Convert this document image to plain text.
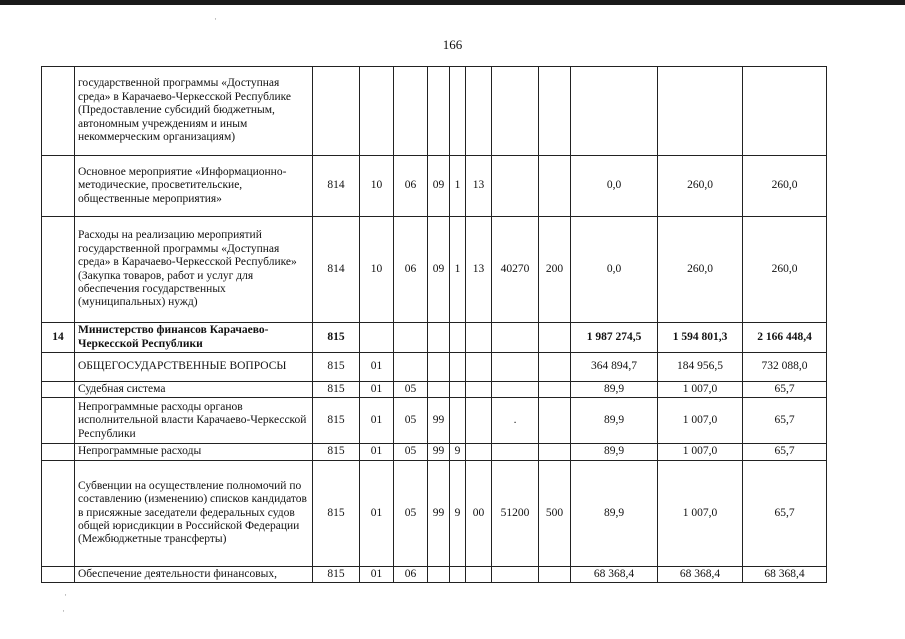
166
	государственной программы «Доступная среда» в Карачаево-Черкесской Республике (Предоставление субсидий бюджетным, автономным учреждениям и иным некоммерческим организациям)											
	Основное мероприятие «Информационно-методические, просветительские, общественные мероприятия»	814	10	06	09	1	13			0,0	260,0	260,0
	Расходы на реализацию мероприятий государственной программы «Доступная среда» в Карачаево-Черкесской Республике» (Закупка товаров, работ и услуг для обеспечения государственных (муниципальных) нужд)	814	10	06	09	1	13	40270	200	0,0	260,0	260,0
14	Министерство финансов Карачаево-Черкесской Республики	815								1 987 274,5	1 594 801,3	2 166 448,4
	ОБЩЕГОСУДАРСТВЕННЫЕ ВОПРОСЫ	815	01							364 894,7	184 956,5	732 088,0
	Судебная система	815	01	05						89,9	1 007,0	65,7
	Непрограммные расходы органов исполнительной власти Карачаево-Черкесской Республики	815	01	05	99			.		89,9	1 007,0	65,7
	Непрограммные расходы	815	01	05	99	9				89,9	1 007,0	65,7
	Субвенции на осуществление полномочий по составлению (изменению) списков кандидатов в присяжные заседатели федеральных судов общей юрисдикции в Российской Федерации (Межбюджетные трансферты)	815	01	05	99	9	00	51200	500	89,9	1 007,0	65,7
	Обеспечение деятельности финансовых,	815	01	06						68 368,4	68 368,4	68 368,4
·
·
·
